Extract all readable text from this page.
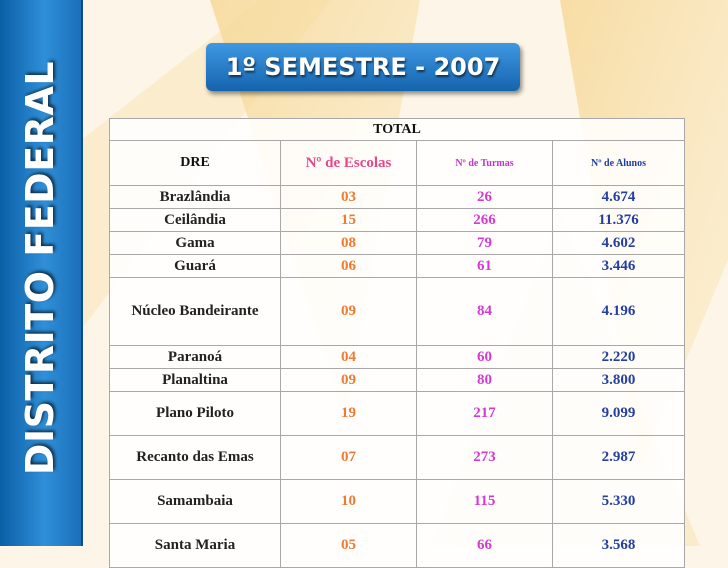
DISTRITO FEDERAL	1º SEMESTRE - 2007
TOTAL			
DRE	Nº de Escolas	Nº de Turmas	Nº de Alunos
Brazlândia	03	26	4.674
Ceilândia	15	266	11.376
Gama	08	79	4.602
Guará	06	61	3.446
Núcleo Bandeirante	09	84	4.196
Paranoá	04	60	2.220
Planaltina	09	80	3.800
Plano Piloto	19	217	9.099
Recanto das Emas	07	273	2.987
Samambaia	10	115	5.330
Santa Maria	05	66	3.568
